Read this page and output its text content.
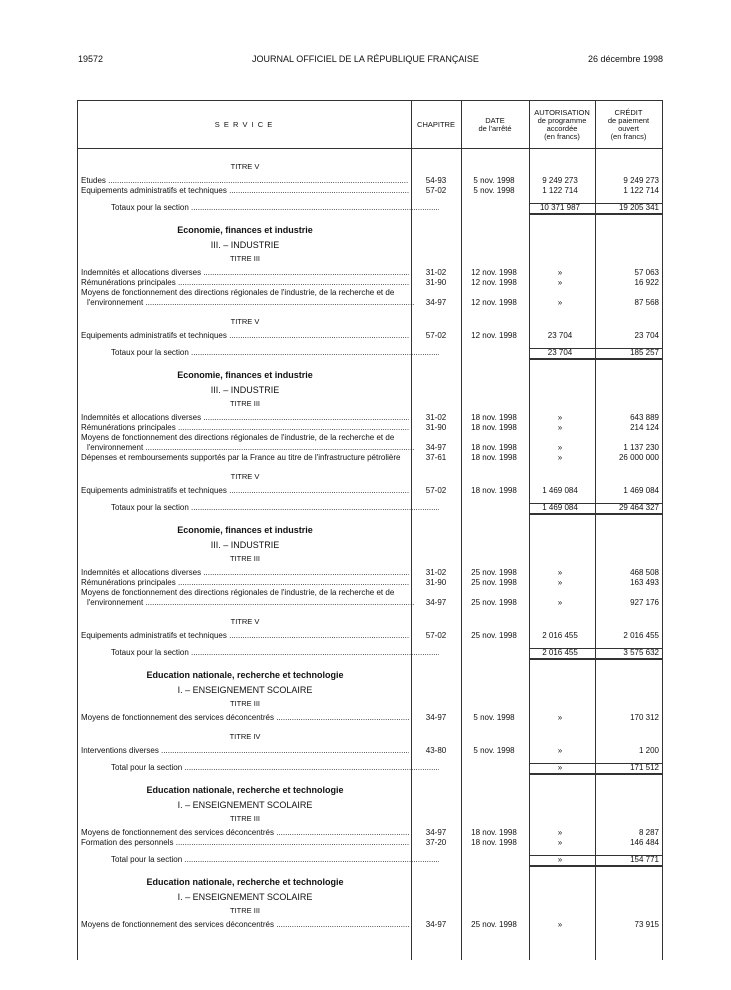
19572	JOURNAL OFFICIEL DE LA RÉPUBLIQUE FRANÇAISE	26 décembre 1998
S E R V I C E	CHAPITRE	DATE
de l'arrêté
AUTORISATION
de programme
accordée
(en francs)
CRÉDIT
de paiement
ouvert
(en francs)
TITRE V
Etudes .....	54-93	5 nov. 1998	9 249 273	9 249 273
Equipements administratifs et techniques .....	57-02	5 nov. 1998	1 122 714	1 122 714
Totaux pour la section .....	10 371 987	19 205 341
Economie, finances et industrie
III. – INDUSTRIE
TITRE III
Indemnités et allocations diverses .....	31-02	12 nov. 1998	»	57 063
Rémunérations principales .....	31-90	12 nov. 1998	»	16 922
Moyens de fonctionnement des directions régionales de l'industrie, de la recherche et de
l'environnement .....	34-97	12 nov. 1998	»	87 568
TITRE V
Equipements administratifs et techniques .....	57-02	12 nov. 1998	23 704	23 704
Totaux pour la section .....	23 704	185 257
Economie, finances et industrie
III. – INDUSTRIE
TITRE III
Indemnités et allocations diverses .....	31-02	18 nov. 1998	»	643 889
Rémunérations principales .....	31-90	18 nov. 1998	»	214 124
Moyens de fonctionnement des directions régionales de l'industrie, de la recherche et de
l'environnement .....	34-97	18 nov. 1998	»	1 137 230
Dépenses et remboursements supportés par la France au titre de l'infrastructure pétrolière	37-61	18 nov. 1998	»	26 000 000
TITRE V
Equipements administratifs et techniques .....	57-02	18 nov. 1998	1 469 084	1 469 084
Totaux pour la section .....	1 469 084	29 464 327
Economie, finances et industrie
III. – INDUSTRIE
TITRE III
Indemnités et allocations diverses .....	31-02	25 nov. 1998	»	468 508
Rémunérations principales .....	31-90	25 nov. 1998	»	163 493
Moyens de fonctionnement des directions régionales de l'industrie, de la recherche et de
l'environnement .....	34-97	25 nov. 1998	»	927 176
TITRE V
Equipements administratifs et techniques .....	57-02	25 nov. 1998	2 016 455	2 016 455
Totaux pour la section .....	2 016 455	3 575 632
Education nationale, recherche et technologie
I. – ENSEIGNEMENT SCOLAIRE
TITRE III
Moyens de fonctionnement des services déconcentrés .....	34-97	5 nov. 1998	»	170 312
TITRE IV
Interventions diverses .....	43-80	5 nov. 1998	»	1 200
Total pour la section .....	»	171 512
Education nationale, recherche et technologie
I. – ENSEIGNEMENT SCOLAIRE
TITRE III
Moyens de fonctionnement des services déconcentrés .....	34-97	18 nov. 1998	»	8 287
Formation des personnels .....	37-20	18 nov. 1998	»	146 484
Total pour la section .....	»	154 771
Education nationale, recherche et technologie
I. – ENSEIGNEMENT SCOLAIRE
TITRE III
Moyens de fonctionnement des services déconcentrés .....	34-97	25 nov. 1998	»	73 915
